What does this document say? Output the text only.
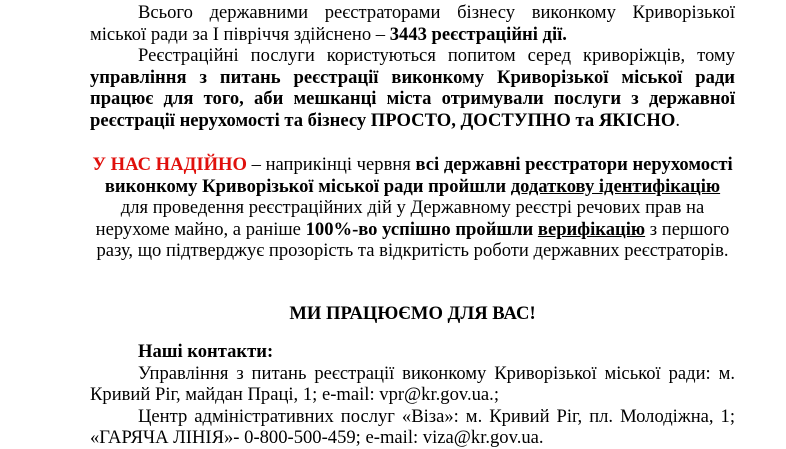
Всього державними реєстраторами бізнесу виконкому Криворізької міської ради за І півріччя здійснено – 3443 реєстраційні дії.

Реєстраційні послуги користуються попитом серед криворіжців, тому управління з питань реєстрації виконкому Криворізької міської ради працює для того, аби мешканці міста отримували послуги з державної реєстрації нерухомості та бізнесу ПРОСТО, ДОСТУПНО та ЯКІСНО.

У НАС НАДІЙНО – наприкінці червня всі державні реєстратори нерухомості виконкому Криворізької міської ради пройшли додаткову ідентифікацію для проведення реєстраційних дій у Державному реєстрі речових прав на нерухоме майно, а раніше 100%-во успішно пройшли верифікацію з першого разу, що підтверджує прозорість та відкритість роботи державних реєстраторів.

МИ ПРАЦЮЄМО ДЛЯ ВАС!

Наші контакти:

Управління з питань реєстрації виконкому Криворізької міської ради: м. Кривий Ріг, майдан Праці, 1; e-mail: vpr@kr.gov.ua.;

Центр адміністративних послуг «Віза»: м. Кривий Ріг, пл. Молодіжна, 1; «ГАРЯЧА ЛІНІЯ»- 0-800-500-459; e-mail: viza@kr.gov.ua.
